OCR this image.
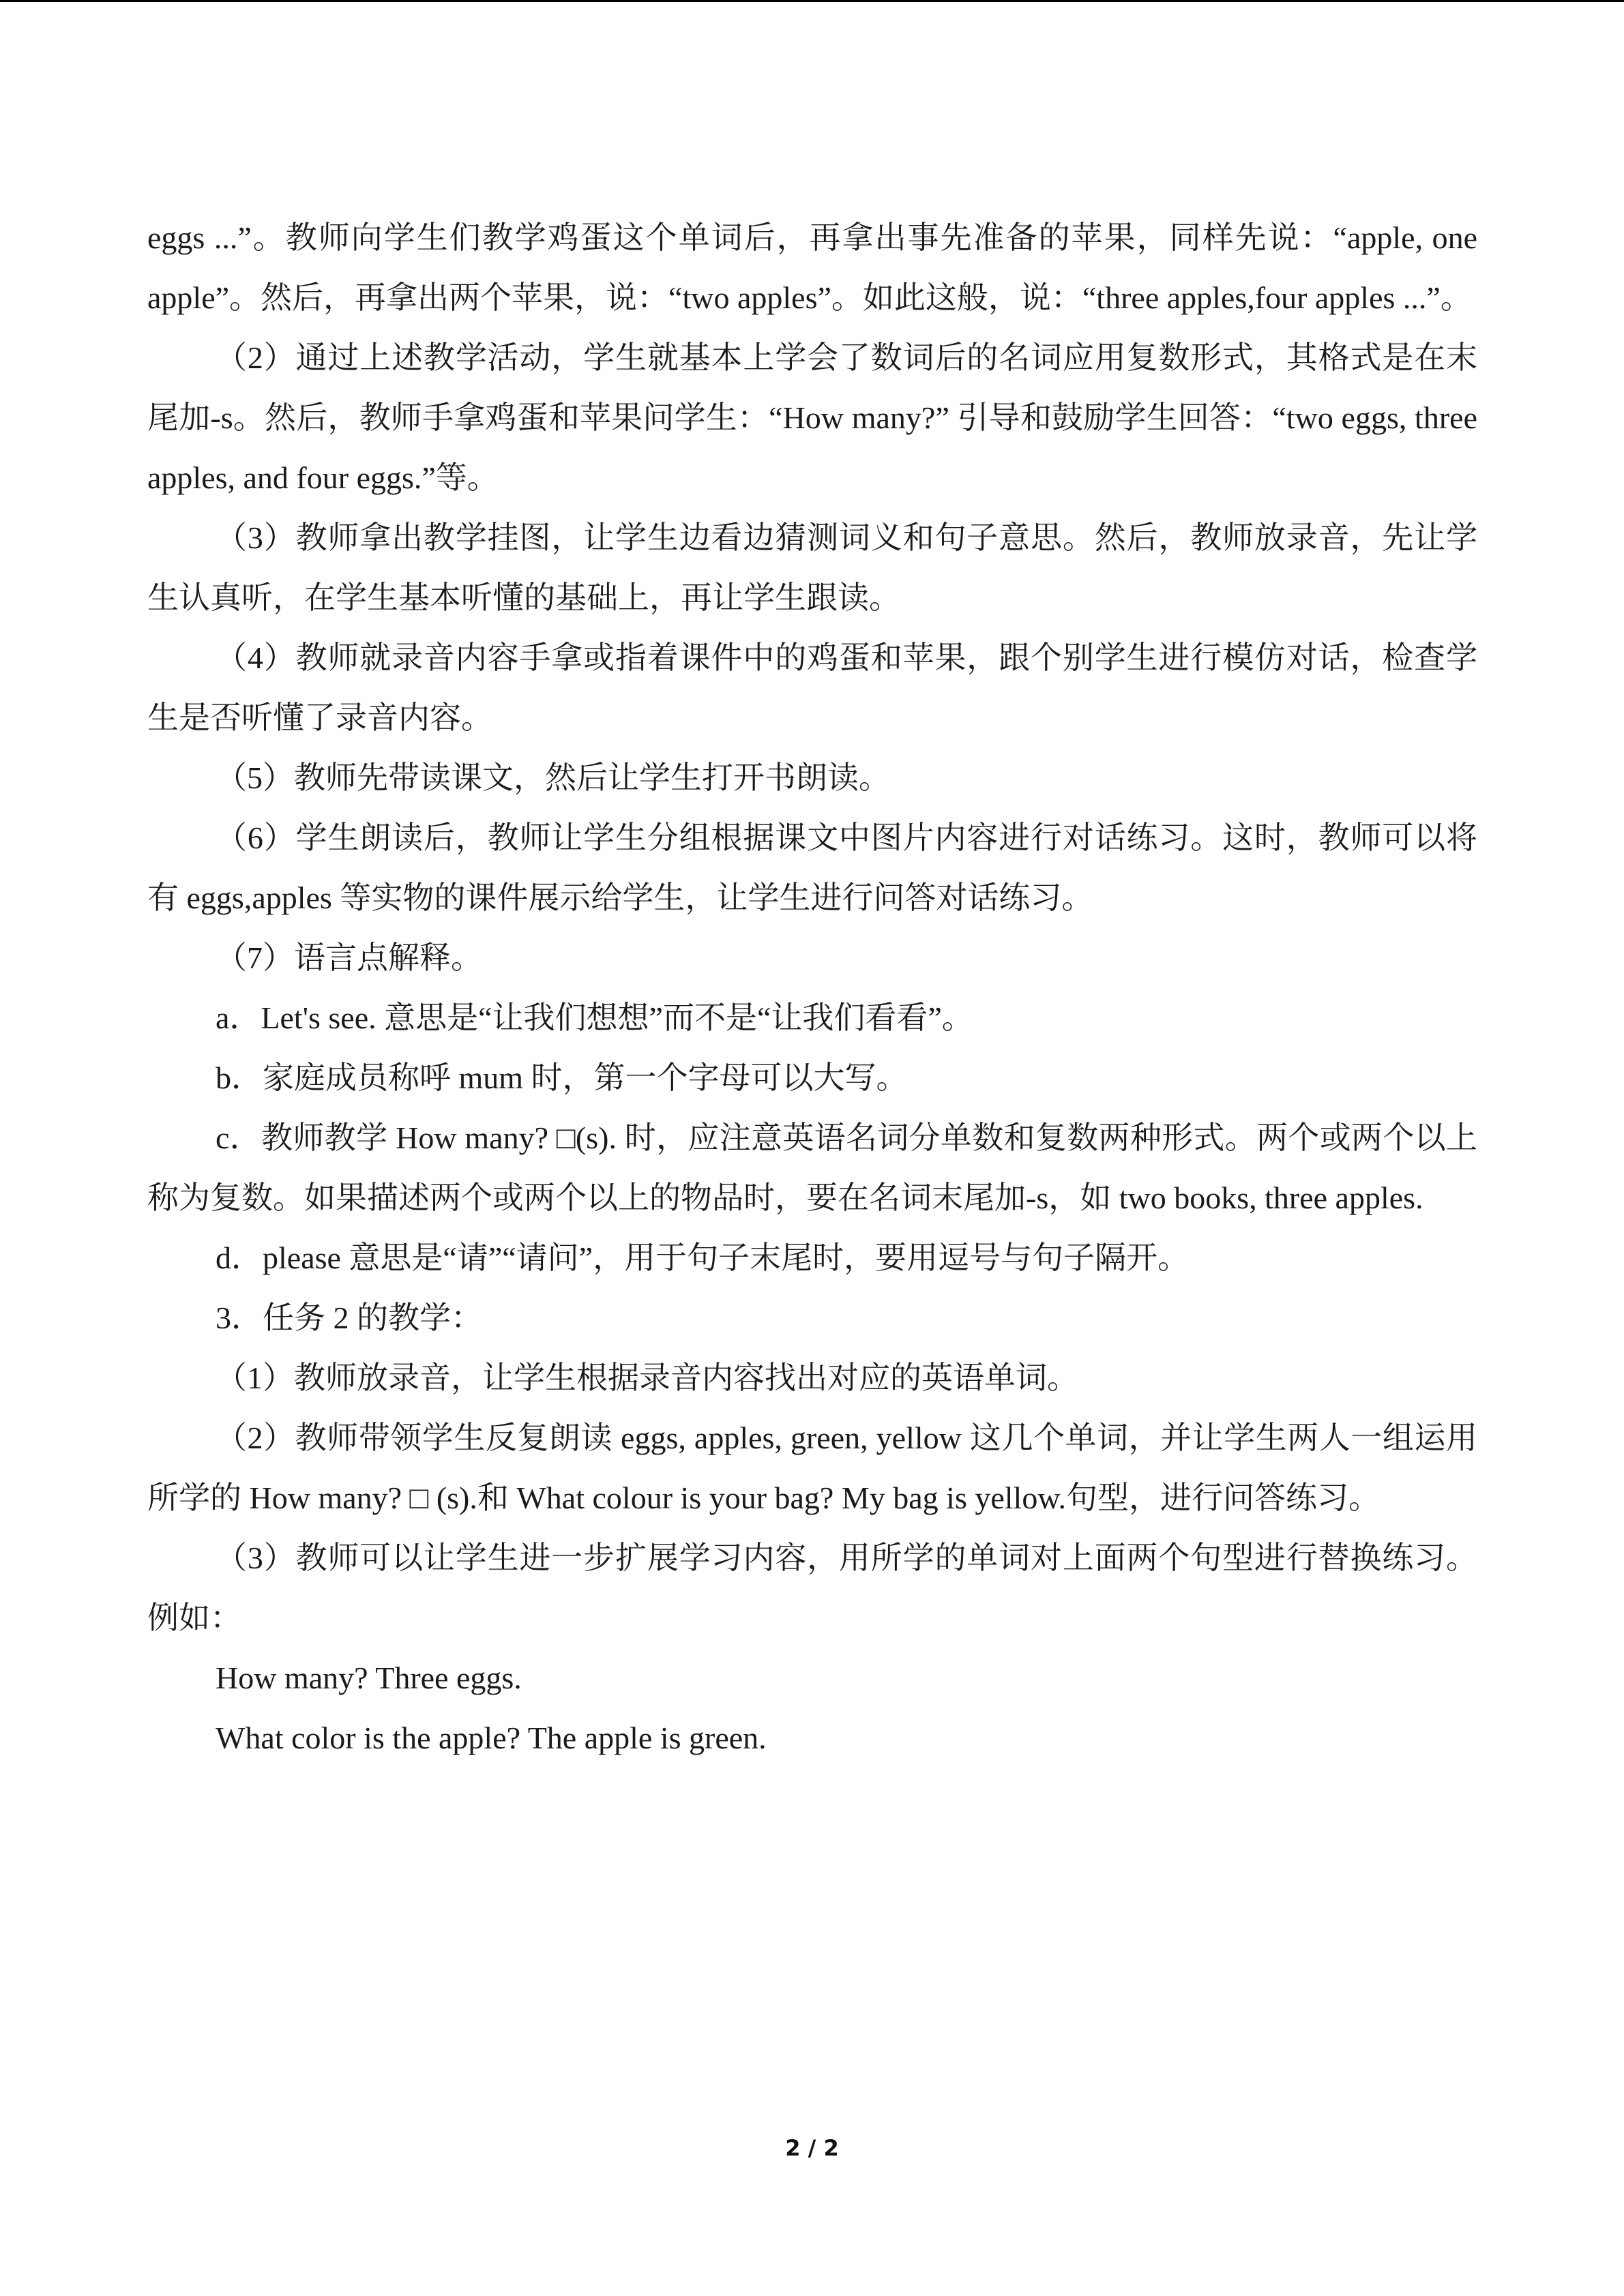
eggs ...”。教师向学生们教学鸡蛋这个单词后，再拿出事先准备的苹果，同样先说：“apple, one apple”。然后，再拿出两个苹果，说：“two apples”。如此这般，说：“three apples,four apples ...”。

（2）通过上述教学活动，学生就基本上学会了数词后的名词应用复数形式，其格式是在末尾加-s。然后，教师手拿鸡蛋和苹果问学生：“How many?” 引导和鼓励学生回答：“two eggs, three apples, and four eggs.”等。

（3）教师拿出教学挂图，让学生边看边猜测词义和句子意思。然后，教师放录音，先让学生认真听，在学生基本听懂的基础上，再让学生跟读。

（4）教师就录音内容手拿或指着课件中的鸡蛋和苹果，跟个别学生进行模仿对话，检查学生是否听懂了录音内容。

（5）教师先带读课文，然后让学生打开书朗读。

（6）学生朗读后，教师让学生分组根据课文中图片内容进行对话练习。这时，教师可以将有 eggs,apples 等实物的课件展示给学生，让学生进行问答对话练习。

（7）语言点解释。

a．Let's see. 意思是“让我们想想”而不是“让我们看看”。

b．家庭成员称呼 mum 时，第一个字母可以大写。

c．教师教学 How many? □(s). 时，应注意英语名词分单数和复数两种形式。两个或两个以上称为复数。如果描述两个或两个以上的物品时，要在名词末尾加-s，如 two books, three apples.

d．please 意思是“请”“请问”，用于句子末尾时，要用逗号与句子隔开。

3．任务 2 的教学：

（1）教师放录音，让学生根据录音内容找出对应的英语单词。

（2）教师带领学生反复朗读 eggs, apples, green, yellow 这几个单词，并让学生两人一组运用所学的 How many? □ (s).和 What colour is your bag? My bag is yellow.句型，进行问答练习。

（3）教师可以让学生进一步扩展学习内容，用所学的单词对上面两个句型进行替换练习。例如：

How many? Three eggs.

What color is the apple? The apple is green.

2 / 2
